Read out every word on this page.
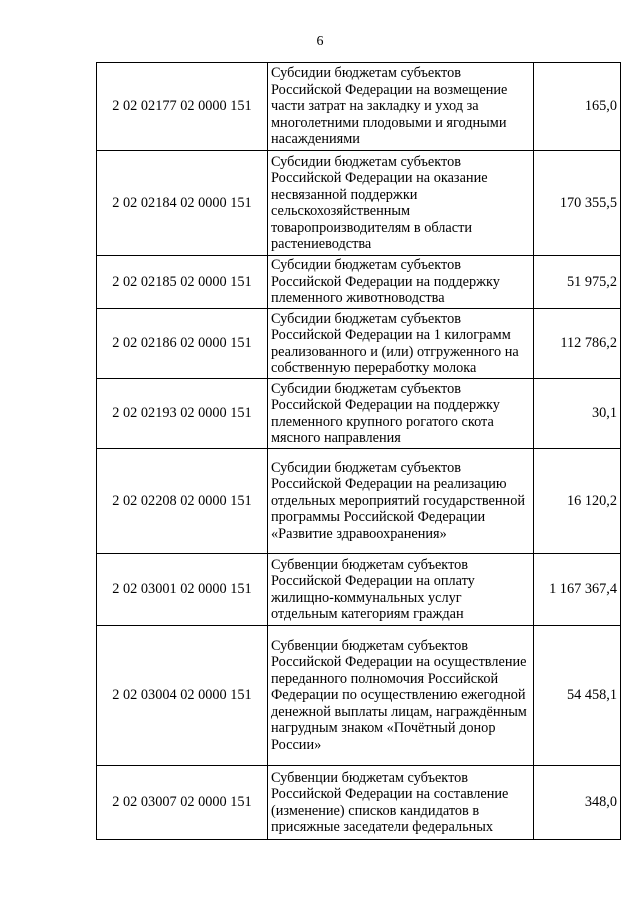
6
2 02 02177 02 0000 151	Субсидии бюджетам субъектов Российской Федерации на возмещение части затрат на закладку и уход за многолетними плодовыми и ягодными насаждениями	165,0
2 02 02184 02 0000 151	Субсидии бюджетам субъектов Российской Федерации на оказание несвязанной поддержки сельскохозяйственным товаропроизводителям в области растениеводства	170 355,5
2 02 02185 02 0000 151	Субсидии бюджетам субъектов Российской Федерации на поддержку племенного животноводства	51 975,2
2 02 02186 02 0000 151	Субсидии бюджетам субъектов Российской Федерации на 1 килограмм реализованного и (или) отгруженного на собственную переработку молока	112 786,2
2 02 02193 02 0000 151	Субсидии бюджетам субъектов Российской Федерации на поддержку племенного крупного рогатого скота мясного направления	30,1
2 02 02208 02 0000 151	Субсидии бюджетам субъектов Российской Федерации на реализацию отдельных мероприятий государственной программы Российской Федерации «Развитие здравоохранения»	16 120,2
2 02 03001 02 0000 151	Субвенции бюджетам субъектов Российской Федерации на оплату жилищно-коммунальных услуг отдельным категориям граждан	1 167 367,4
2 02 03004 02 0000 151	Субвенции бюджетам субъектов Российской Федерации на осуществление переданного полномочия Российской Федерации по осуществлению ежегодной денежной выплаты лицам, награждённым нагрудным знаком «Почётный донор России»	54 458,1
2 02 03007 02 0000 151	Субвенции бюджетам субъектов Российской Федерации на составление (изменение) списков кандидатов в присяжные заседатели федеральных	348,0
